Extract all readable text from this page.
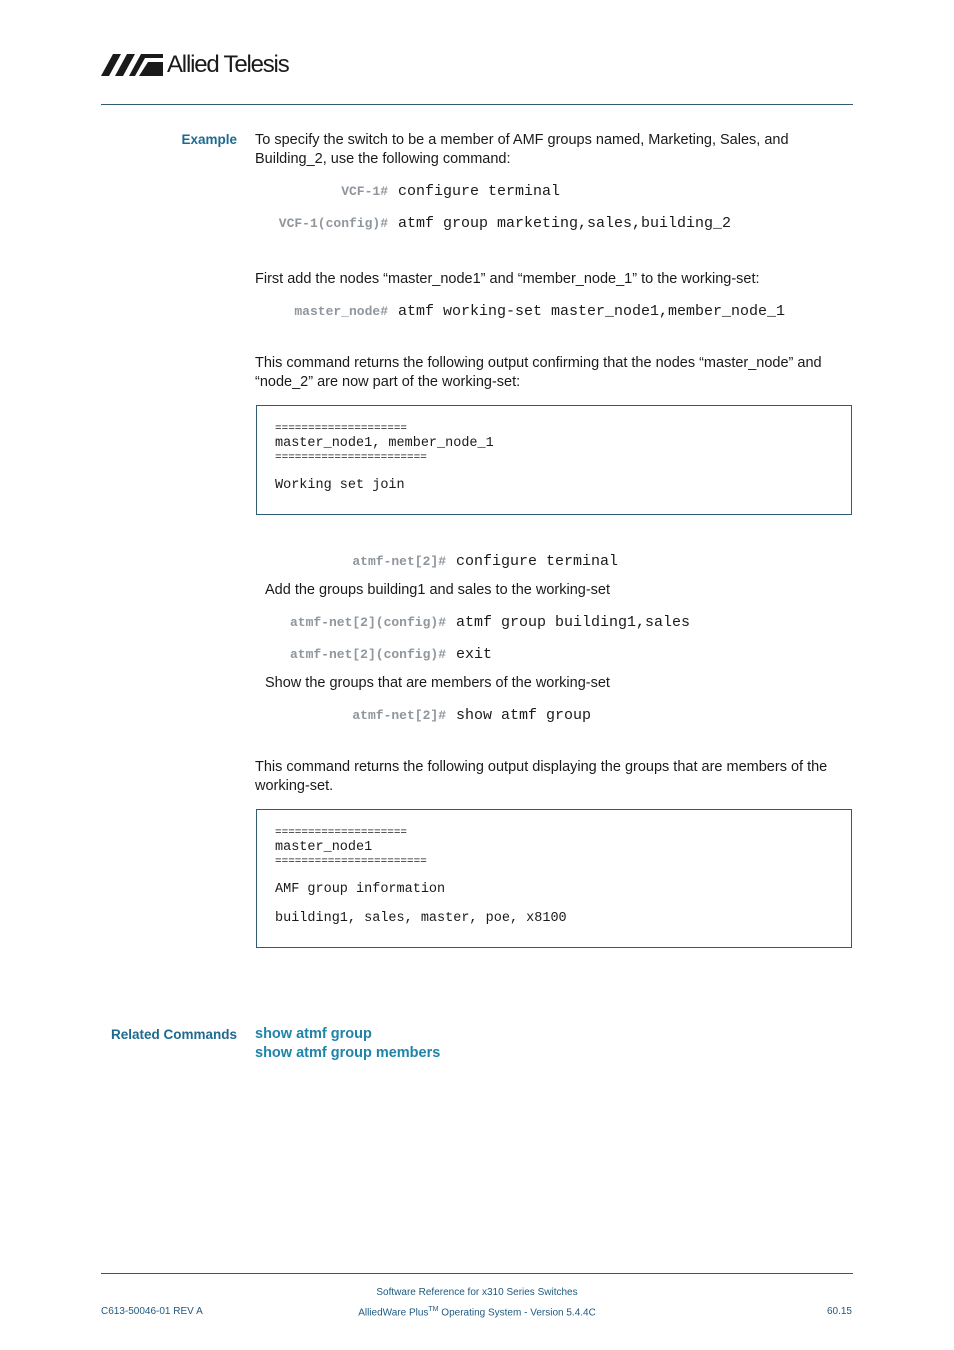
Allied Telesis
Example To specify the switch to be a member of AMF groups named, Marketing, Sales, and Building_2, use the following command:
VCF-1# configure terminal
VCF-1(config)# atmf group marketing,sales,building_2
First add the nodes “master_node1” and “member_node_1” to the working-set:
master_node# atmf working-set master_node1,member_node_1
This command returns the following output confirming that the nodes “master_node” and “node_2” are now part of the working-set:
====================
master_node1, member_node_1
=======================
Working set join
atmf-net[2]# configure terminal
Add the groups building1 and sales to the working-set
atmf-net[2](config)# atmf group building1,sales
atmf-net[2](config)# exit
Show the groups that are members of the working-set
atmf-net[2]# show atmf group
This command returns the following output displaying the groups that are members of the working-set.
====================
master_node1
=======================
AMF group information
building1, sales, master, poe, x8100
Related Commands show atmf group
show atmf group members
Software Reference for x310 Series Switches
C613-50046-01 REV A	AlliedWare Plus™ Operating System - Version 5.4.4C	60.15
